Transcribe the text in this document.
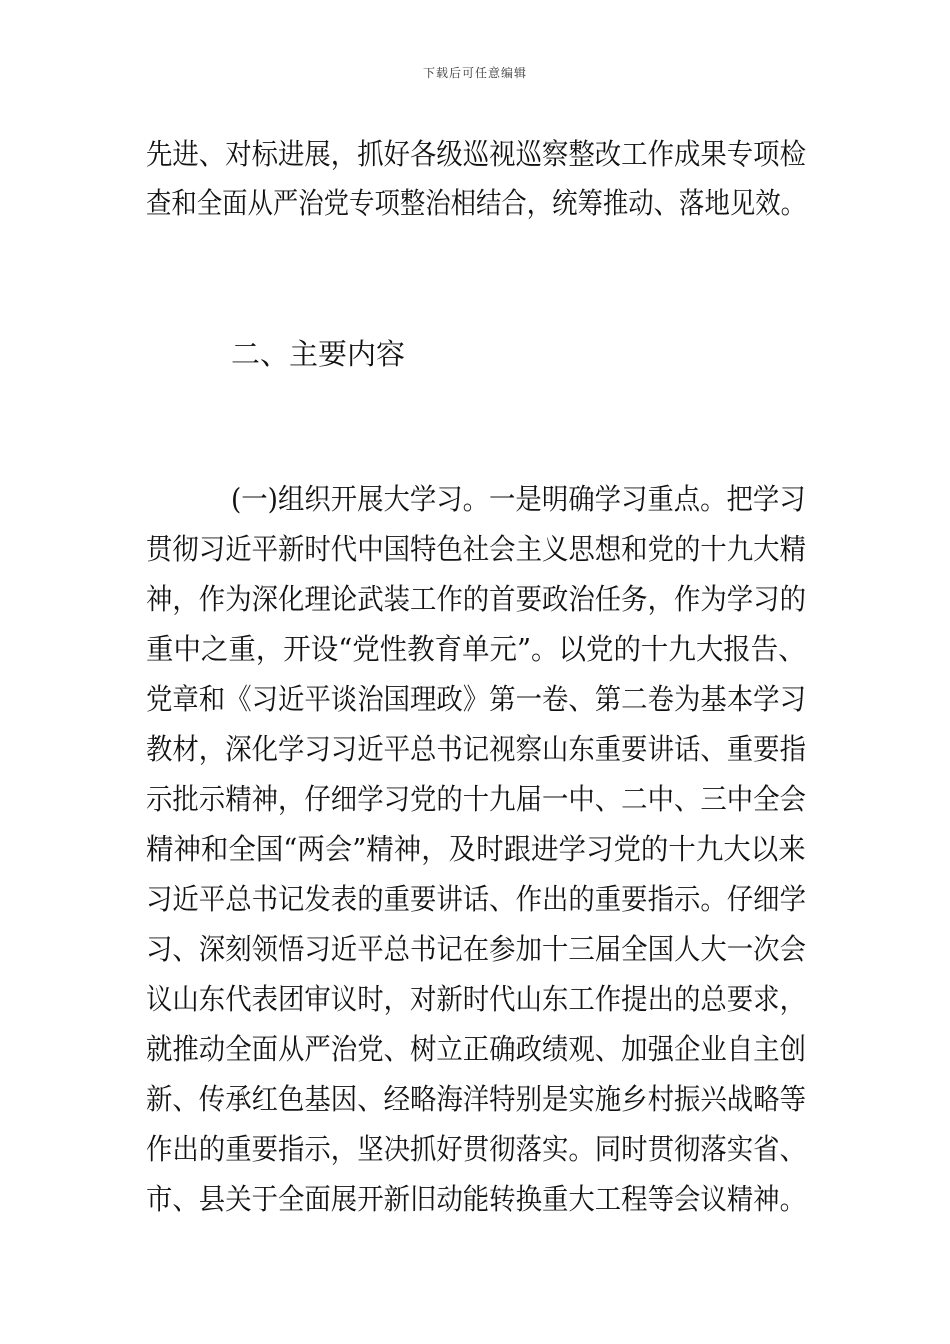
下载后可任意编辑
先进、对标进展，抓好各级巡视巡察整改工作成果专项检
查和全面从严治党专项整治相结合，统筹推动、落地见效。
二、主要内容
(一)组织开展大学习。一是明确学习重点。把学习
贯彻习近平新时代中国特色社会主义思想和党的十九大精
神，作为深化理论武装工作的首要政治任务，作为学习的
重中之重，开设“党性教育单元”。以党的十九大报告、
党章和《习近平谈治国理政》第一卷、第二卷为基本学习
教材，深化学习习近平总书记视察山东重要讲话、重要指
示批示精神，仔细学习党的十九届一中、二中、三中全会
精神和全国“两会”精神，及时跟进学习党的十九大以来
习近平总书记发表的重要讲话、作出的重要指示。仔细学
习、深刻领悟习近平总书记在参加十三届全国人大一次会
议山东代表团审议时，对新时代山东工作提出的总要求，
就推动全面从严治党、树立正确政绩观、加强企业自主创
新、传承红色基因、经略海洋特别是实施乡村振兴战略等
作出的重要指示，坚决抓好贯彻落实。同时贯彻落实省、
市、县关于全面展开新旧动能转换重大工程等会议精神。
